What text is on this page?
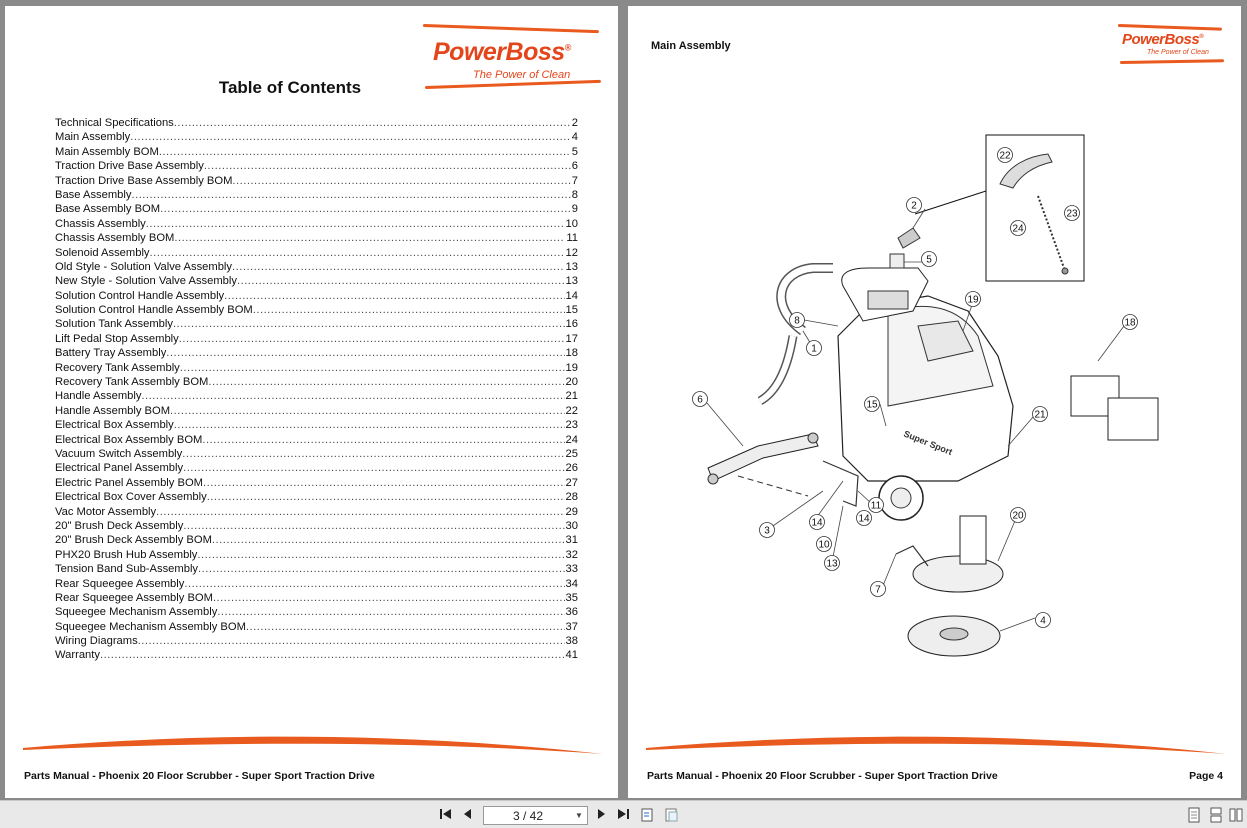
PowerBoss®
The Power of Clean
Table of Contents
Technical Specifications .....	2
Main Assembly .....	4
Main Assembly BOM .....	5
Traction Drive Base Assembly .....	6
Traction Drive Base Assembly BOM .....	7
Base Assembly .....	8
Base Assembly BOM .....	9
Chassis Assembly .....	10
Chassis Assembly BOM .....	11
Solenoid Assembly .....	12
Old Style - Solution Valve Assembly .....	13
New Style - Solution Valve Assembly .....	13
Solution Control Handle Assembly .....	14
Solution Control Handle Assembly BOM .....	15
Solution Tank Assembly .....	16
Lift Pedal Stop Assembly .....	17
Battery Tray Assembly .....	18
Recovery Tank Assembly .....	19
Recovery Tank Assembly BOM .....	20
Handle Assembly .....	21
Handle Assembly BOM .....	22
Electrical Box Assembly .....	23
Electrical Box Assembly BOM .....	24
Vacuum Switch Assembly .....	25
Electrical Panel Assembly .....	26
Electric Panel Assembly BOM .....	27
Electrical Box Cover Assembly .....	28
Vac Motor Assembly .....	29
20" Brush Deck Assembly .....	30
20" Brush Deck Assembly BOM .....	31
PHX20 Brush Hub Assembly .....	32
Tension Band Sub-Assembly .....	33
Rear Squeegee Assembly .....	34
Rear Squeegee Assembly BOM .....	35
Squeegee Mechanism Assembly .....	36
Squeegee Mechanism Assembly BOM .....	37
Wiring Diagrams .....	38
Warranty .....	41
Parts Manual - Phoenix 20 Floor Scrubber - Super Sport Traction Drive
Main Assembly	PowerBoss®
The Power of Clean
Super Sport
22
2
23
24
5
19
8	18
1
6	15
21
11
14
14
3
10
20
13
7
4
Parts Manual - Phoenix 20 Floor Scrubber - Super Sport Traction Drive	Page 4
3 / 42
▼
